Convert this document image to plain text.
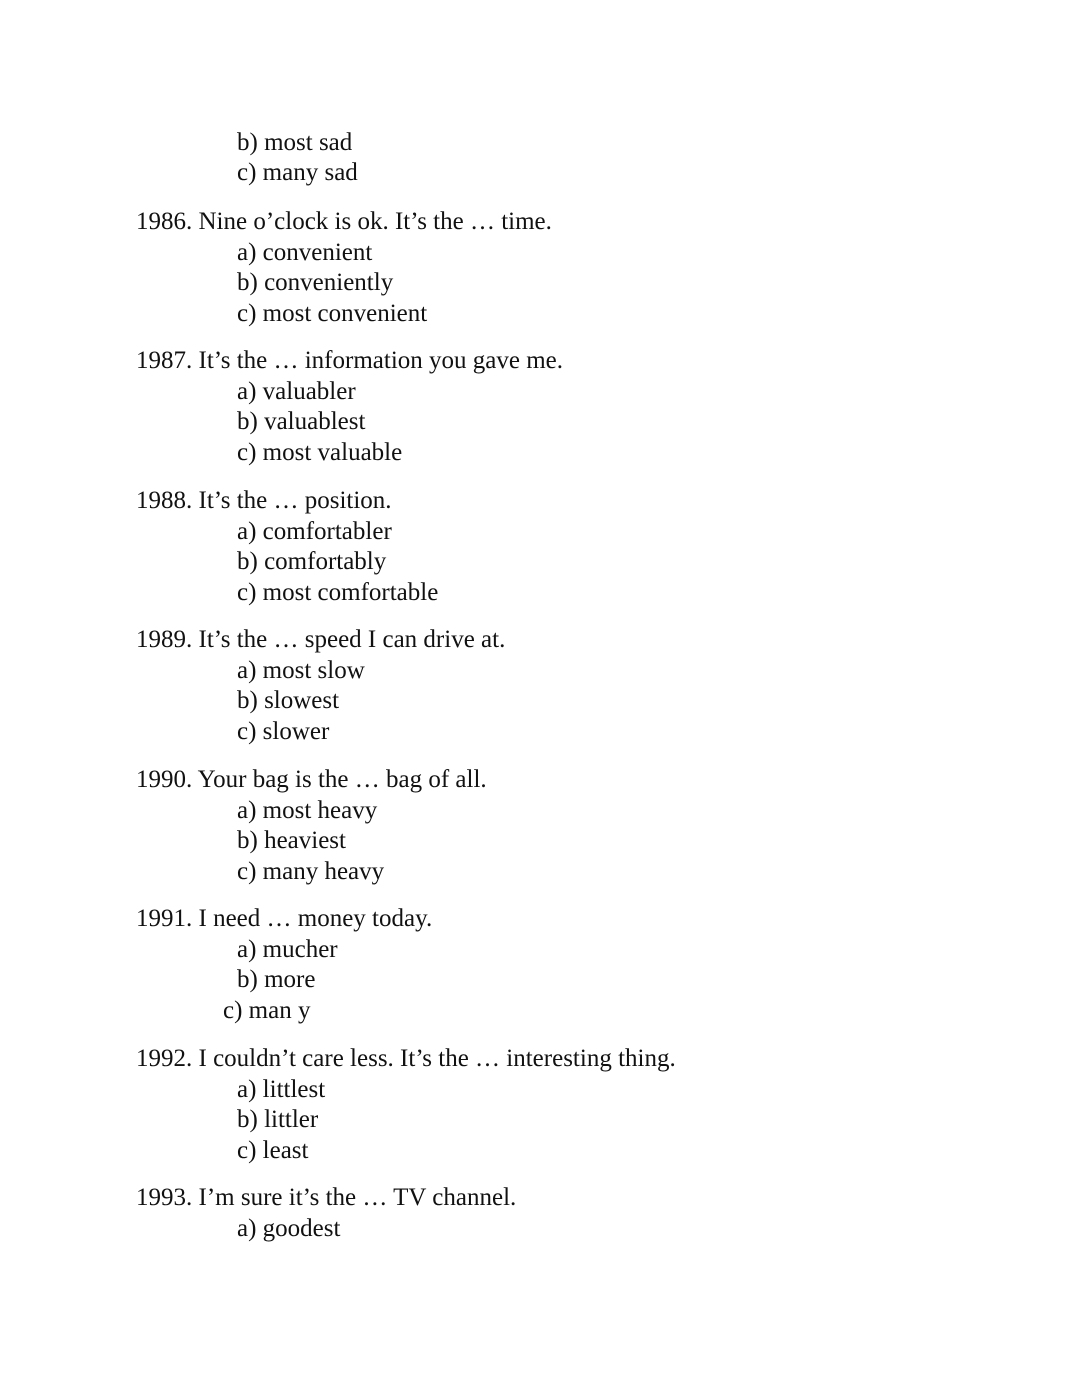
b) most sad
c) many sad
1986. Nine o’clock is ok. It’s the … time.
a) convenient
b) conveniently
c) most convenient
1987. It’s the … information you gave me.
a) valuabler
b) valuablest
c) most valuable
1988. It’s the … position.
a) comfortabler
b) comfortably
c) most comfortable
1989. It’s the … speed I can drive at.
a) most slow
b) slowest
c) slower
1990. Your bag is the … bag of all.
a) most heavy
b) heaviest
c) many heavy
1991. I need … money today.
a) mucher
b) more
c) man y
1992. I couldn’t care less. It’s the … interesting thing.
a) littlest
b) littler
c) least
1993. I’m sure it’s the … TV channel.
a) goodest
